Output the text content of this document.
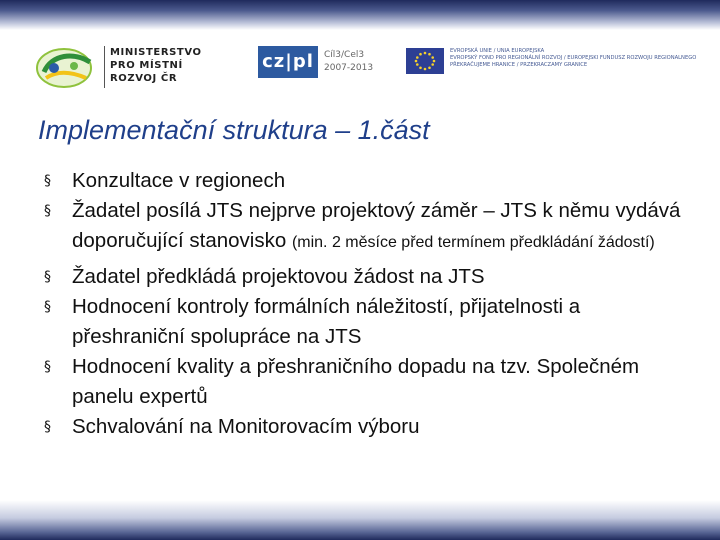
MINISTERSTVO
PRO MÍSTNÍ
ROZVOJ ČR
cz|pl	Cíl3/Cel3
2007-2013
EVROPSKÁ UNIE / UNIA EUROPEJSKA
EVROPSKÝ FOND PRO REGIONÁLNÍ ROZVOJ / EUROPEJSKI FUNDUSZ ROZWOJU REGIONALNEGO
PŘEKRAČUJEME HRANICE / PRZEKRACZAMY GRANICE
Implementační struktura – 1.část
§ Konzultace v regionech
§ Žadatel posílá JTS nejprve projektový záměr – JTS k němu vydává doporučující stanovisko (min. 2 měsíce před termínem předkládání žádostí)
§ Žadatel předkládá projektovou žádost na JTS
§ Hodnocení kontroly formálních náležitostí, přijatelnosti a přeshraniční spolupráce na JTS
§ Hodnocení kvality a přeshraničního dopadu na tzv. Společném panelu expertů
§ Schvalování na Monitorovacím výboru
